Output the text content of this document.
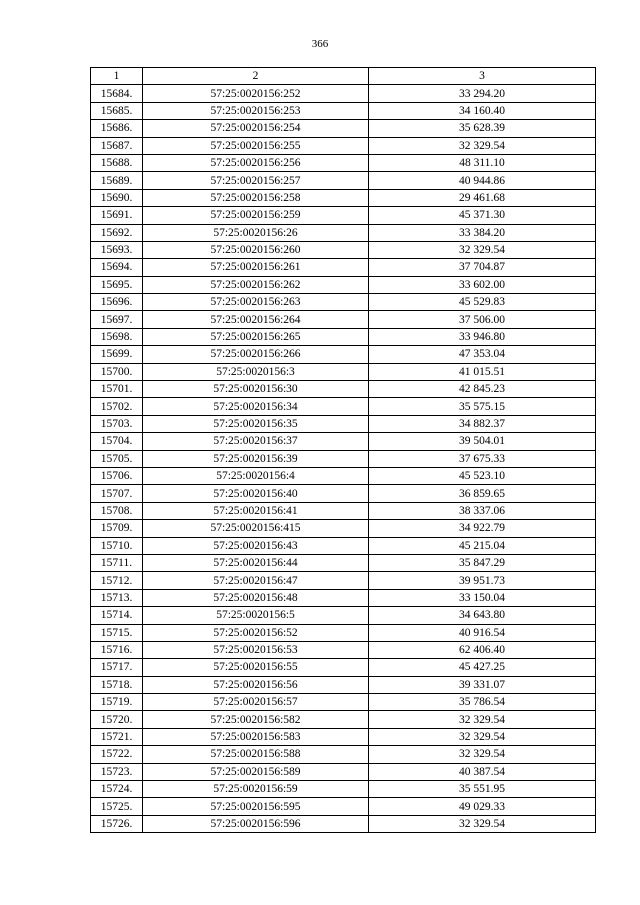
366
1	2	3
15684.	57:25:0020156:252	33 294.20
15685.	57:25:0020156:253	34 160.40
15686.	57:25:0020156:254	35 628.39
15687.	57:25:0020156:255	32 329.54
15688.	57:25:0020156:256	48 311.10
15689.	57:25:0020156:257	40 944.86
15690.	57:25:0020156:258	29 461.68
15691.	57:25:0020156:259	45 371.30
15692.	57:25:0020156:26	33 384.20
15693.	57:25:0020156:260	32 329.54
15694.	57:25:0020156:261	37 704.87
15695.	57:25:0020156:262	33 602.00
15696.	57:25:0020156:263	45 529.83
15697.	57:25:0020156:264	37 506.00
15698.	57:25:0020156:265	33 946.80
15699.	57:25:0020156:266	47 353.04
15700.	57:25:0020156:3	41 015.51
15701.	57:25:0020156:30	42 845.23
15702.	57:25:0020156:34	35 575.15
15703.	57:25:0020156:35	34 882.37
15704.	57:25:0020156:37	39 504.01
15705.	57:25:0020156:39	37 675.33
15706.	57:25:0020156:4	45 523.10
15707.	57:25:0020156:40	36 859.65
15708.	57:25:0020156:41	38 337.06
15709.	57:25:0020156:415	34 922.79
15710.	57:25:0020156:43	45 215.04
15711.	57:25:0020156:44	35 847.29
15712.	57:25:0020156:47	39 951.73
15713.	57:25:0020156:48	33 150.04
15714.	57:25:0020156:5	34 643.80
15715.	57:25:0020156:52	40 916.54
15716.	57:25:0020156:53	62 406.40
15717.	57:25:0020156:55	45 427.25
15718.	57:25:0020156:56	39 331.07
15719.	57:25:0020156:57	35 786.54
15720.	57:25:0020156:582	32 329.54
15721.	57:25:0020156:583	32 329.54
15722.	57:25:0020156:588	32 329.54
15723.	57:25:0020156:589	40 387.54
15724.	57:25:0020156:59	35 551.95
15725.	57:25:0020156:595	49 029.33
15726.	57:25:0020156:596	32 329.54
